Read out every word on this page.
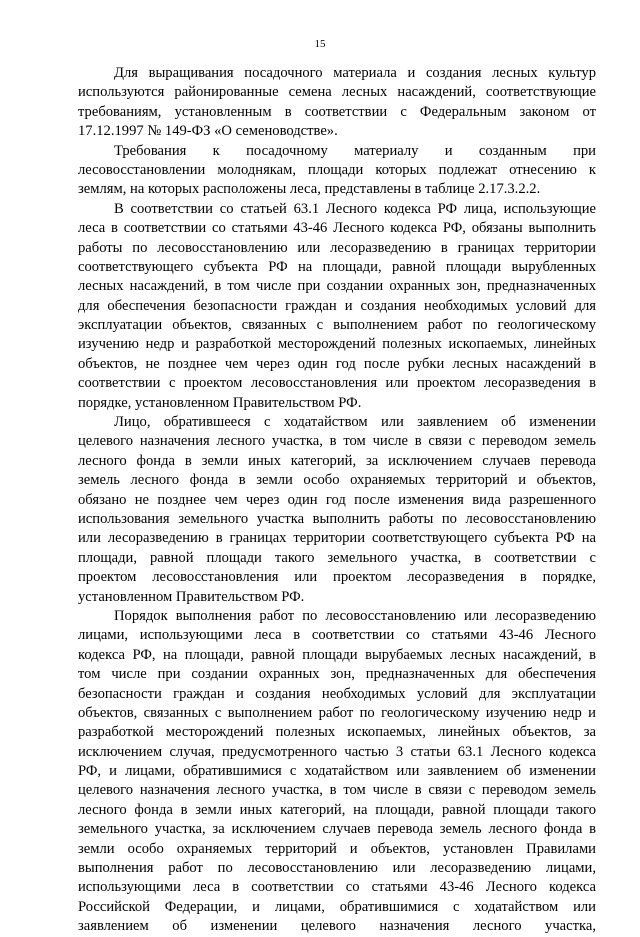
15
Для выращивания посадочного материала и создания лесных культур
используются районированные семена лесных насаждений, соответствующие
требованиям, установленным в соответствии с Федеральным законом от
17.12.1997 № 149-ФЗ «О семеноводстве».
Требования к посадочному материалу и созданным при
лесовосстановлении молоднякам, площади которых подлежат отнесению к
землям, на которых расположены леса, представлены в таблице 2.17.3.2.2.
В соответствии со статьей 63.1 Лесного кодекса РФ лица, использующие
леса в соответствии со статьями 43-46 Лесного кодекса РФ, обязаны выполнить
работы по лесовосстановлению или лесоразведению в границах территории
соответствующего субъекта РФ на площади, равной площади вырубленных
лесных насаждений, в том числе при создании охранных зон, предназначенных
для обеспечения безопасности граждан и создания необходимых условий для
эксплуатации объектов, связанных с выполнением работ по геологическому
изучению недр и разработкой месторождений полезных ископаемых, линейных
объектов, не позднее чем через один год после рубки лесных насаждений в
соответствии с проектом лесовосстановления или проектом лесоразведения в
порядке, установленном Правительством РФ.
Лицо, обратившееся с ходатайством или заявлением об изменении
целевого назначения лесного участка, в том числе в связи с переводом земель
лесного фонда в земли иных категорий, за исключением случаев перевода
земель лесного фонда в земли особо охраняемых территорий и объектов,
обязано не позднее чем через один год после изменения вида разрешенного
использования земельного участка выполнить работы по лесовосстановлению
или лесоразведению в границах территории соответствующего субъекта РФ на
площади, равной площади такого земельного участка, в соответствии с
проектом лесовосстановления или проектом лесоразведения в порядке,
установленном Правительством РФ.
Порядок выполнения работ по лесовосстановлению или лесоразведению
лицами, использующими леса в соответствии со статьями 43-46 Лесного
кодекса РФ, на площади, равной площади вырубаемых лесных насаждений, в
том числе при создании охранных зон, предназначенных для обеспечения
безопасности граждан и создания необходимых условий для эксплуатации
объектов, связанных с выполнением работ по геологическому изучению недр и
разработкой месторождений полезных ископаемых, линейных объектов, за
исключением случая, предусмотренного частью 3 статьи 63.1 Лесного кодекса
РФ, и лицами, обратившимися с ходатайством или заявлением об изменении
целевого назначения лесного участка, в том числе в связи с переводом земель
лесного фонда в земли иных категорий, на площади, равной площади такого
земельного участка, за исключением случаев перевода земель лесного фонда в
земли особо охраняемых территорий и объектов, установлен Правилами
выполнения работ по лесовосстановлению или лесоразведению лицами,
использующими леса в соответствии со статьями 43-46 Лесного кодекса
Российской Федерации, и лицами, обратившимися с ходатайством или
заявлением об изменении целевого назначения лесного участка,
